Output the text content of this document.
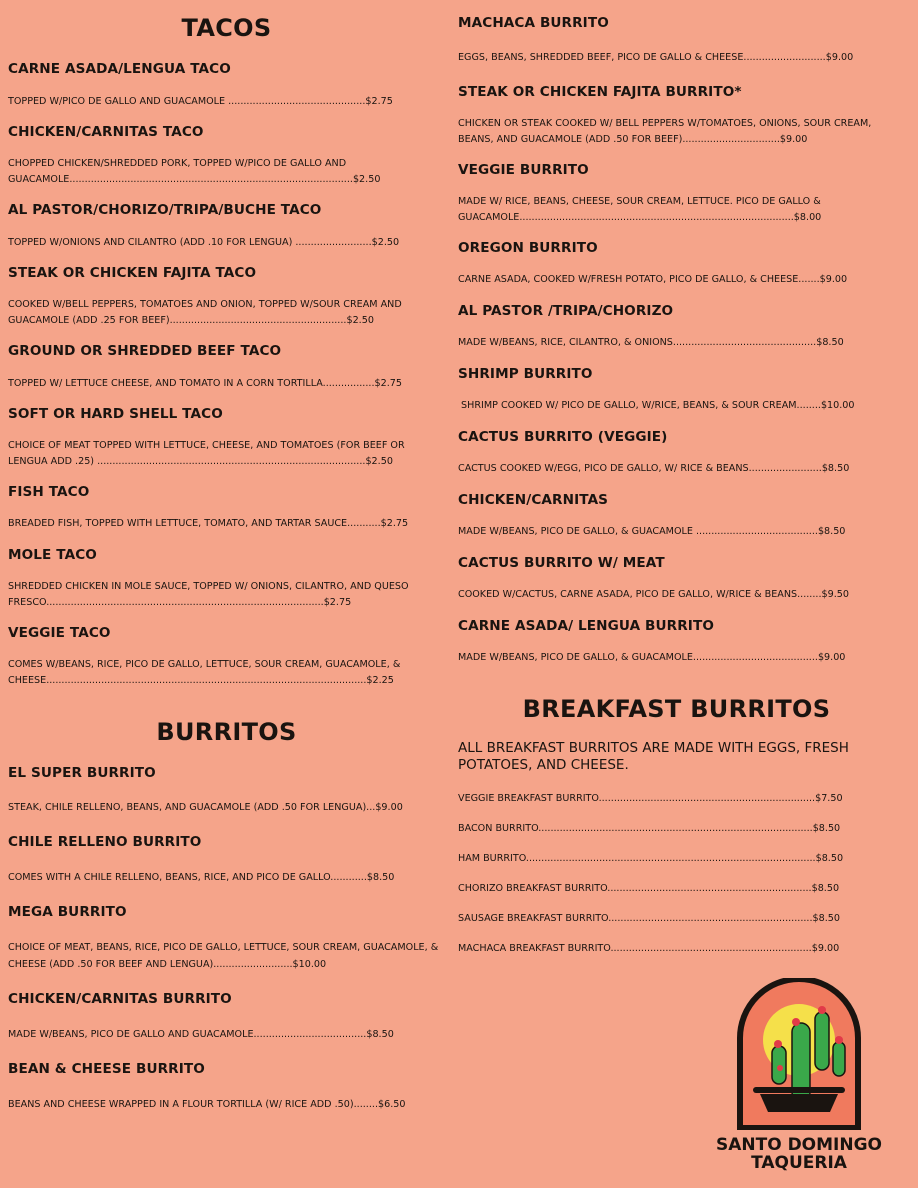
TACOS

CARNE ASADA/LENGUA TACO

TOPPED W/PICO DE GALLO AND GUACAMOLE .............................................$2.75

CHICKEN/CARNITAS TACO

CHOPPED CHICKEN/SHREDDED PORK, TOPPED W/PICO DE GALLO AND GUACAMOLE.............................................................................................$2.50

AL PASTOR/CHORIZO/TRIPA/BUCHE TACO

TOPPED W/ONIONS AND CILANTRO (ADD .10 FOR LENGUA) .........................$2.50

STEAK OR CHICKEN FAJITA TACO

COOKED W/BELL PEPPERS, TOMATOES AND ONION, TOPPED W/SOUR CREAM AND GUACAMOLE (ADD .25 FOR BEEF)..........................................................$2.50

GROUND OR SHREDDED BEEF TACO

TOPPED W/ LETTUCE CHEESE, AND TOMATO IN A CORN TORTILLA.................$2.75

SOFT OR HARD SHELL TACO

CHOICE OF MEAT TOPPED WITH LETTUCE, CHEESE, AND TOMATOES (FOR BEEF OR LENGUA ADD .25) ........................................................................................$2.50

FISH TACO

BREADED FISH, TOPPED WITH LETTUCE, TOMATO, AND TARTAR SAUCE...........$2.75

MOLE TACO

SHREDDED CHICKEN IN MOLE SAUCE, TOPPED W/ ONIONS, CILANTRO, AND QUESO FRESCO...........................................................................................$2.75

VEGGIE TACO

COMES W/BEANS, RICE, PICO DE GALLO, LETTUCE, SOUR CREAM, GUACAMOLE, & CHEESE.........................................................................................................$2.25

BURRITOS

EL SUPER BURRITO

STEAK, CHILE RELLENO, BEANS, AND GUACAMOLE (ADD .50 FOR LENGUA)...$9.00

CHILE RELLENO BURRITO

COMES WITH A CHILE RELLENO, BEANS, RICE, AND PICO DE GALLO............$8.50

MEGA BURRITO

CHOICE OF MEAT, BEANS, RICE, PICO DE GALLO, LETTUCE, SOUR CREAM, GUACAMOLE, & CHEESE (ADD .50 FOR BEEF AND LENGUA)..........................$10.00

CHICKEN/CARNITAS BURRITO

MADE W/BEANS, PICO DE GALLO AND GUACAMOLE.....................................$8.50

BEAN & CHEESE BURRITO

BEANS AND CHEESE WRAPPED IN A FLOUR TORTILLA (W/ RICE ADD .50)........$6.50

MACHACA BURRITO

EGGS, BEANS, SHREDDED BEEF, PICO DE GALLO & CHEESE...........................$9.00

STEAK OR CHICKEN FAJITA BURRITO*

CHICKEN OR STEAK COOKED W/ BELL PEPPERS W/TOMATOES, ONIONS, SOUR CREAM, BEANS, AND GUACAMOLE (ADD .50 FOR BEEF)................................$9.00

VEGGIE BURRITO

MADE W/ RICE, BEANS, CHEESE, SOUR CREAM, LETTUCE. PICO DE GALLO & GUACAMOLE..........................................................................................$8.00

OREGON BURRITO

CARNE ASADA, COOKED W/FRESH POTATO, PICO DE GALLO, & CHEESE.......$9.00

AL PASTOR /TRIPA/CHORIZO

MADE W/BEANS, RICE, CILANTRO, & ONIONS...............................................$8.50

SHRIMP BURRITO

SHRIMP COOKED W/ PICO DE GALLO, W/RICE, BEANS, & SOUR CREAM........$10.00

CACTUS BURRITO (VEGGIE)

CACTUS COOKED W/EGG, PICO DE GALLO, W/ RICE & BEANS........................$8.50

CHICKEN/CARNITAS

MADE W/BEANS, PICO DE GALLO, & GUACAMOLE ........................................$8.50

CACTUS BURRITO W/ MEAT

COOKED W/CACTUS, CARNE ASADA, PICO DE GALLO, W/RICE & BEANS........$9.50

CARNE ASADA/ LENGUA BURRITO

MADE W/BEANS, PICO DE GALLO, & GUACAMOLE.........................................$9.00

BREAKFAST BURRITOS

ALL BREAKFAST BURRITOS ARE MADE WITH EGGS, FRESH POTATOES, AND CHEESE.

VEGGIE BREAKFAST BURRITO.......................................................................$7.50

BACON BURRITO..........................................................................................$8.50

HAM BURRITO...............................................................................................$8.50

CHORIZO BREAKFAST BURRITO...................................................................$8.50

SAUSAGE BREAKFAST BURRITO...................................................................$8.50

MACHACA BREAKFAST BURRITO..................................................................$9.00

SANTO DOMINGO

TAQUERIA
